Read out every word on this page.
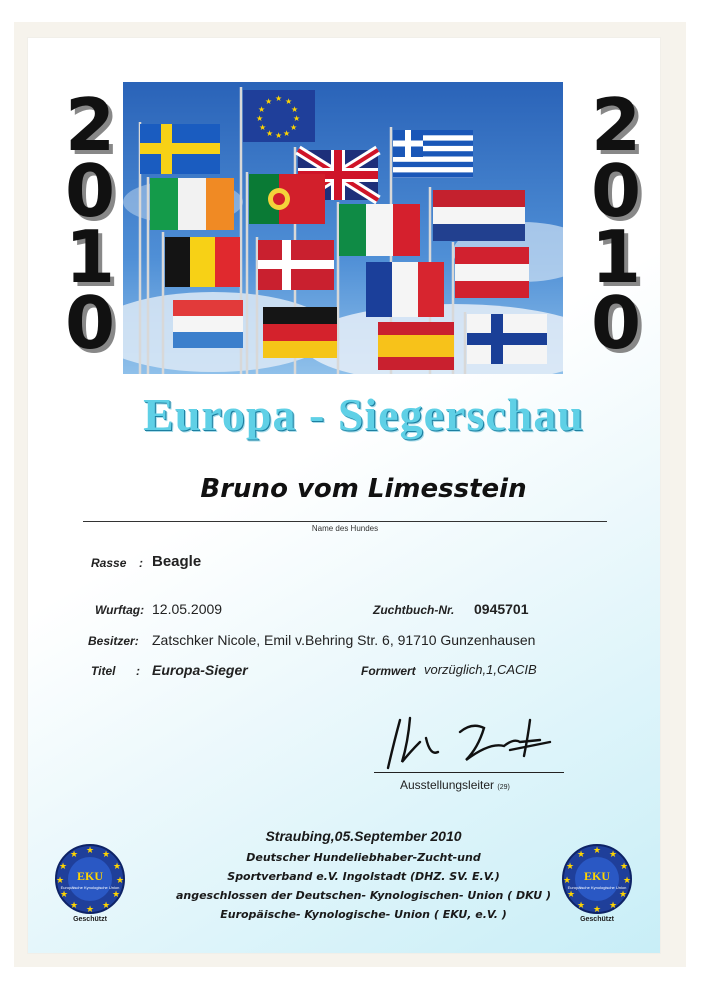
2
0
1
0
2
0
1
0
★ ★
★
★
★
★
★
★
★
★
★
★
Europa - Siegerschau
Bruno vom Limesstein
Name des Hundes
Rasse : Beagle
Wurftag: 12.05.2009	Zuchtbuch-Nr. 0945701
Besitzer: Zatschker Nicole, Emil v.Behring Str. 6, 91710 Gunzenhausen
Titel : Europa-Sieger	Formwert vorzüglich,1,CACIB
Ausstellungsleiter (29)
Straubing,05.September 2010
Deutscher Hundeliebhaber-Zucht-und
Sportverband e.V. Ingolstadt (DHZ. SV. E.V.)
angeschlossen der Deutschen- Kynologischen- Union ( DKU )
Europäische- Kynologische- Union ( EKU, e.V. )
★ ★
★
★
★
★
★
★
★
★
★
★
EKU
Europäische Kynologische Union
Geschützt
★ ★
★
★
★
★
★
★
★
★
★
★
EKU
Europäische Kynologische Union
Geschützt
